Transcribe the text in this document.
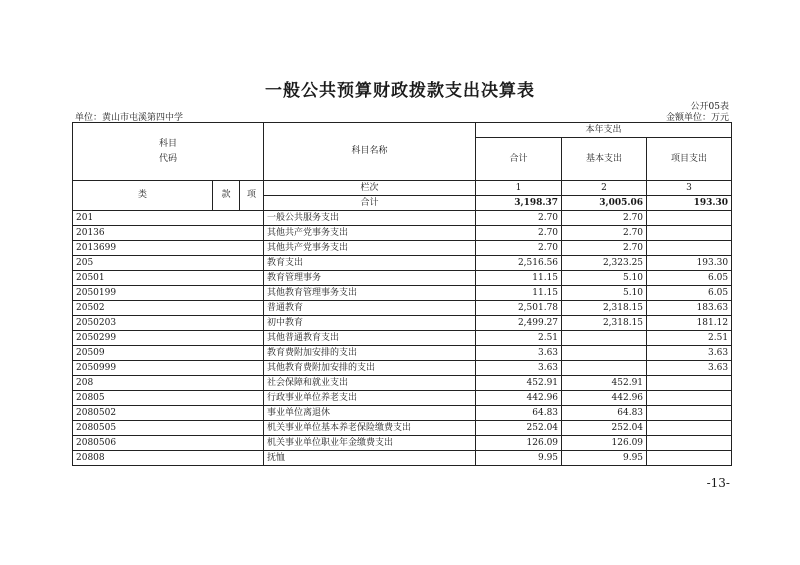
一般公共预算财政拨款支出决算表
公开05表
单位：黄山市屯溪第四中学	金额单位：万元
科目
代码			科目名称	本年支出		
				合计	基本支出	项目支出
类	款	项	栏次	1	2	3
			合计	3,198.37	3,005.06	193.30
201			一般公共服务支出	2.70	2.70	
20136			其他共产党事务支出	2.70	2.70	
2013699			其他共产党事务支出	2.70	2.70	
205			教育支出	2,516.56	2,323.25	193.30
20501			教育管理事务	11.15	5.10	6.05
2050199			其他教育管理事务支出	11.15	5.10	6.05
20502			普通教育	2,501.78	2,318.15	183.63
2050203			初中教育	2,499.27	2,318.15	181.12
2050299			其他普通教育支出	2.51		2.51
20509			教育费附加安排的支出	3.63		3.63
2050999			其他教育费附加安排的支出	3.63		3.63
208			社会保障和就业支出	452.91	452.91	
20805			行政事业单位养老支出	442.96	442.96	
2080502			事业单位离退休	64.83	64.83	
2080505			机关事业单位基本养老保险缴费支出	252.04	252.04	
2080506			机关事业单位职业年金缴费支出	126.09	126.09	
20808			抚恤	9.95	9.95	
-13-
